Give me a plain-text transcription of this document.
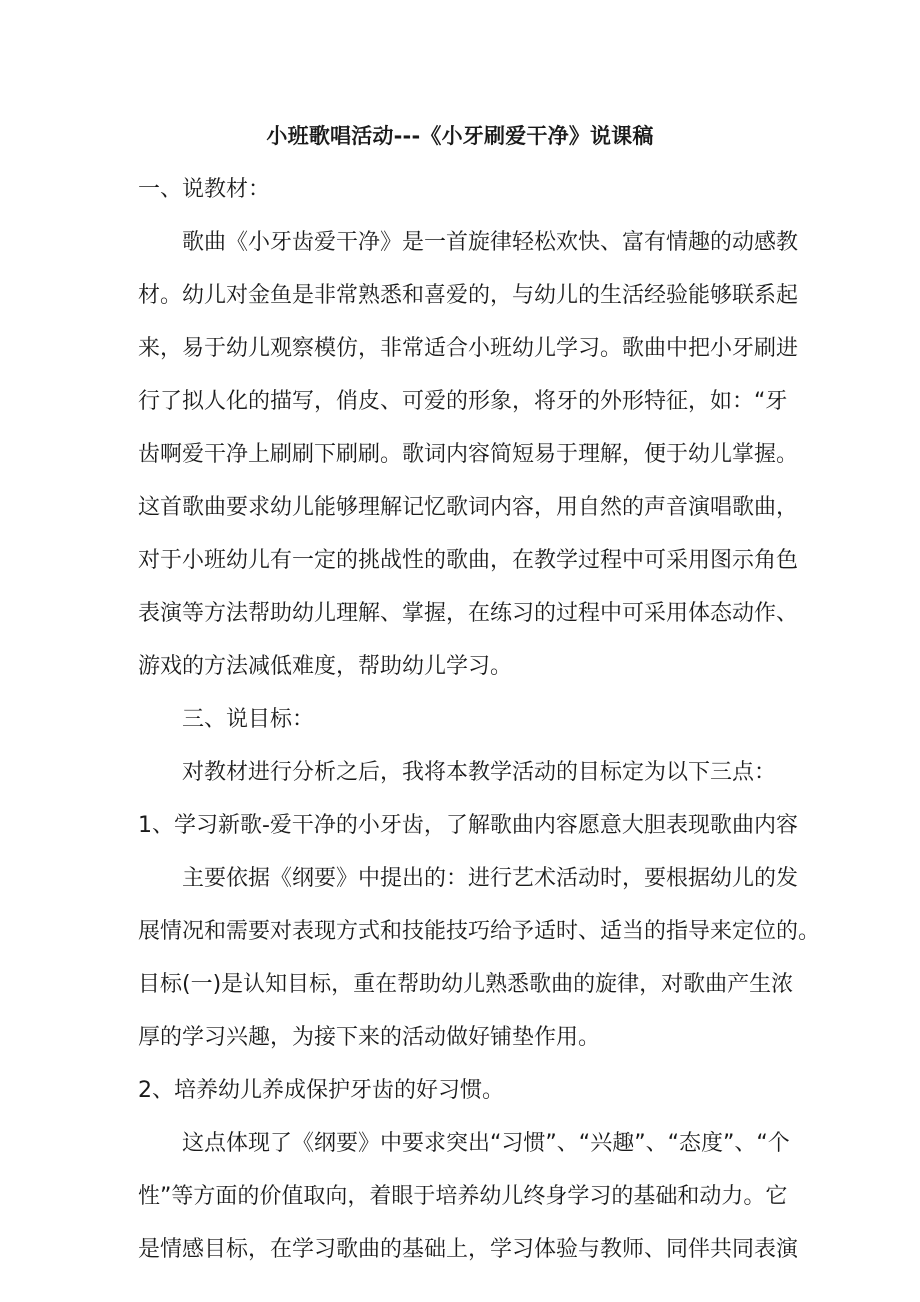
小班歌唱活动---《小牙刷爱干净》说课稿
一、说教材：
歌曲《小牙齿爱干净》是一首旋律轻松欢快、富有情趣的动感教
材。幼儿对金鱼是非常熟悉和喜爱的，与幼儿的生活经验能够联系起
来，易于幼儿观察模仿，非常适合小班幼儿学习。歌曲中把小牙刷进
行了拟人化的描写，俏皮、可爱的形象，将牙的外形特征，如：“牙
齿啊爱干净上刷刷下刷刷。歌词内容简短易于理解，便于幼儿掌握。
这首歌曲要求幼儿能够理解记忆歌词内容，用自然的声音演唱歌曲，
对于小班幼儿有一定的挑战性的歌曲，在教学过程中可采用图示角色
表演等方法帮助幼儿理解、掌握，在练习的过程中可采用体态动作、
游戏的方法减低难度，帮助幼儿学习。
三、说目标：
对教材进行分析之后，我将本教学活动的目标定为以下三点：
1、学习新歌-爱干净的小牙齿，了解歌曲内容愿意大胆表现歌曲内容
主要依据《纲要》中提出的：进行艺术活动时，要根据幼儿的发
展情况和需要对表现方式和技能技巧给予适时、适当的指导来定位的。
目标(一)是认知目标，重在帮助幼儿熟悉歌曲的旋律，对歌曲产生浓
厚的学习兴趣，为接下来的活动做好铺垫作用。
2、培养幼儿养成保护牙齿的好习惯。
这点体现了《纲要》中要求突出“习惯”、“兴趣”、“态度”、“个
性”等方面的价值取向，着眼于培养幼儿终身学习的基础和动力。它
是情感目标，在学习歌曲的基础上，学习体验与教师、同伴共同表演
